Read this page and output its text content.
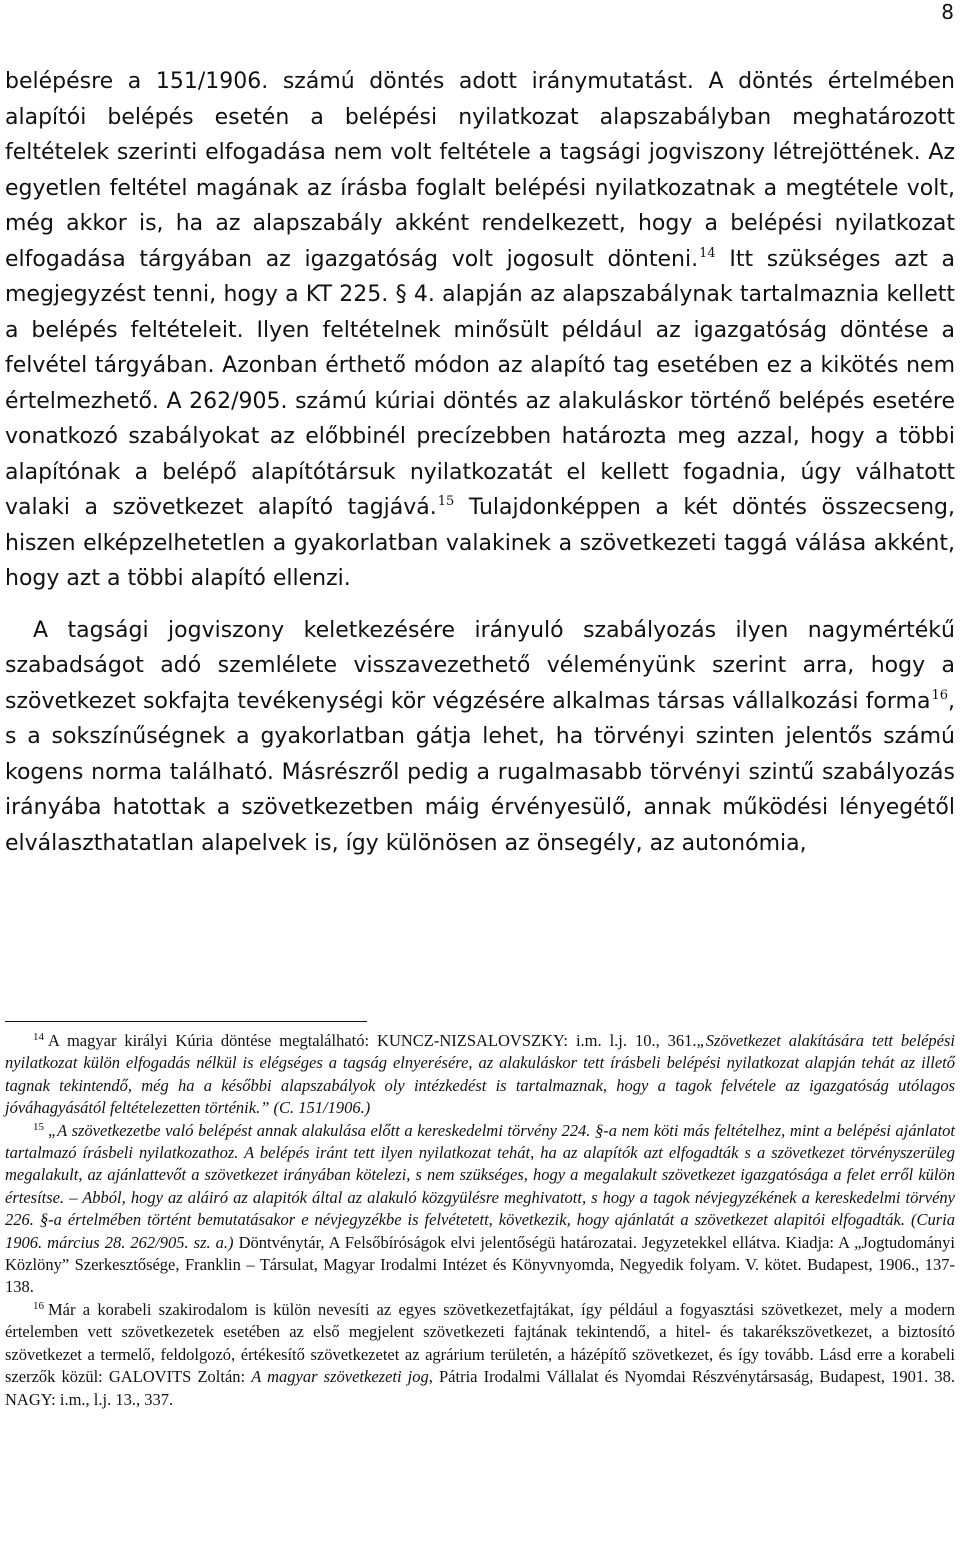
8

belépésre a 151/1906. számú döntés adott iránymutatást. A döntés értelmében alapítói belépés esetén a belépési nyilatkozat alapszabályban meghatározott feltételek szerinti elfogadása nem volt feltétele a tagsági jogviszony létrejöttének. Az egyetlen feltétel magának az írásba foglalt belépési nyilatkozatnak a megtétele volt, még akkor is, ha az alapszabály akként rendelkezett, hogy a belépési nyilatkozat elfogadása tárgyában az igazgatóság volt jogosult dönteni.$^{14}$ Itt szükséges azt a megjegyzést tenni, hogy a KT 225. § 4. alapján az alapszabálynak tartalmaznia kellett a belépés feltételeit. Ilyen feltételnek minősült például az igazgatóság döntése a felvétel tárgyában. Azonban érthető módon az alapító tag esetében ez a kikötés nem értelmezhető. A 262/905. számú kúriai döntés az alakuláskor történő belépés esetére vonatkozó szabályokat az előbbinél precízebben határozta meg azzal, hogy a többi alapítónak a belépő alapítótársuk nyilatkozatát el kellett fogadnia, úgy válhatott valaki a szövetkezet alapító tagjává.$^{15}$ Tulajdonképpen a két döntés összecseng, hiszen elképzelhetetlen a gyakorlatban valakinek a szövetkezeti taggá válása akként, hogy azt a többi alapító ellenzi.

A tagsági jogviszony keletkezésére irányuló szabályozás ilyen nagymértékű szabadságot adó szemlélete visszavezethető véleményünk szerint arra, hogy a szövetkezet sokfajta tevékenységi kör végzésére alkalmas társas vállalkozási forma$^{16}$, s a sokszínűségnek a gyakorlatban gátja lehet, ha törvényi szinten jelentős számú kogens norma található. Másrészről pedig a rugalmasabb törvényi szintű szabályozás irányába hatottak a szövetkezetben máig érvényesülő, annak működési lényegétől elválaszthatatlan alapelvek is, így különösen az önsegély, az autonómia,

$^{14}$ A magyar királyi Kúria döntése megtalálható: KUNCZ-NIZSALOVSZKY: i.m. l.j. 10., 361.„Szövetkezet alakítására tett belépési nyilatkozat külön elfogadás nélkül is elégséges a tagság elnyerésére, az alakuláskor tett írásbeli belépési nyilatkozat alapján tehát az illető tagnak tekintendő, még ha a későbbi alapszabályok oly intézkedést is tartalmaznak, hogy a tagok felvétele az igazgatóság utólagos jóváhagyásától feltételezetten történik.” (C. 151/1906.)

$^{15}$ „A szövetkezetbe való belépést annak alakulása előtt a kereskedelmi törvény 224. §-a nem köti más feltételhez, mint a belépési ajánlatot tartalmazó írásbeli nyilatkozathoz. A belépés iránt tett ilyen nyilatkozat tehát, ha az alapítók azt elfogadták s a szövetkezet törvényszerüleg megalakult, az ajánlattevőt a szövetkezet irányában kötelezi, s nem szükséges, hogy a megalakult szövetkezet igazgatósága a felet erről külön értesítse. – Abból, hogy az aláiró az alapitók által az alakuló közgyülésre meghivatott, s hogy a tagok névjegyzékének a kereskedelmi törvény 226. §-a értelmében történt bemutatásakor e névjegyzékbe is felvétetett, következik, hogy ajánlatát a szövetkezet alapitói elfogadták. (Curia 1906. március 28. 262/905. sz. a.) Döntvénytár, A Felsőbíróságok elvi jelentőségü határozatai. Jegyzetekkel ellátva. Kiadja: A „Jogtudományi Közlöny” Szerkesztősége, Franklin – Társulat, Magyar Irodalmi Intézet és Könyvnyomda, Negyedik folyam. V. kötet. Budapest, 1906., 137-138.

$^{16}$ Már a korabeli szakirodalom is külön nevesíti az egyes szövetkezetfajtákat, így például a fogyasztási szövetkezet, mely a modern értelemben vett szövetkezetek esetében az első megjelent szövetkezeti fajtának tekintendő, a hitel- és takarékszövetkezet, a biztosító szövetkezet a termelő, feldolgozó, értékesítő szövetkezetet az agrárium területén, a házépítő szövetkezet, és így tovább. Lásd erre a korabeli szerzők közül: GALOVITS Zoltán: A magyar szövetkezeti jog, Pátria Irodalmi Vállalat és Nyomdai Részvénytársaság, Budapest, 1901. 38. NAGY: i.m., l.j. 13., 337.
